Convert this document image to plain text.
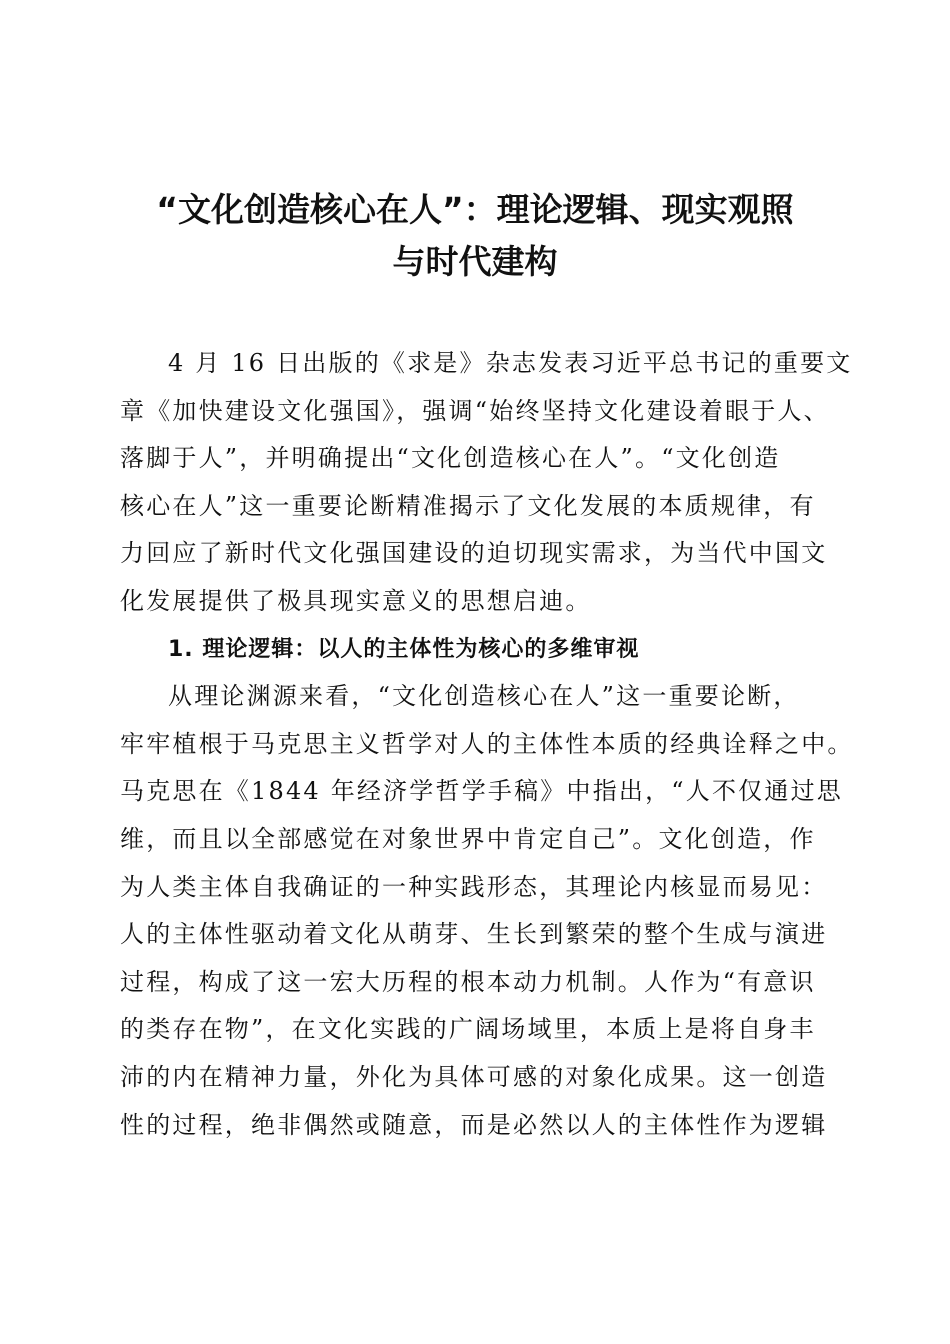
“文化创造核心在人”：理论逻辑、现实观照
与时代建构
4 月 16 日出版的《求是》杂志发表习近平总书记的重要文
章《加快建设文化强国》，强调“始终坚持文化建设着眼于人、
落脚于人”，并明确提出“文化创造核心在人”。“文化创造
核心在人”这一重要论断精准揭示了文化发展的本质规律，有
力回应了新时代文化强国建设的迫切现实需求，为当代中国文
化发展提供了极具现实意义的思想启迪。
1. 理论逻辑：以人的主体性为核心的多维审视
从理论渊源来看，“文化创造核心在人”这一重要论断，
牢牢植根于马克思主义哲学对人的主体性本质的经典诠释之中。
马克思在《1844 年经济学哲学手稿》中指出，“人不仅通过思
维，而且以全部感觉在对象世界中肯定自己”。文化创造，作
为人类主体自我确证的一种实践形态，其理论内核显而易见：
人的主体性驱动着文化从萌芽、生长到繁荣的整个生成与演进
过程，构成了这一宏大历程的根本动力机制。人作为“有意识
的类存在物”，在文化实践的广阔场域里，本质上是将自身丰
沛的内在精神力量，外化为具体可感的对象化成果。这一创造
性的过程，绝非偶然或随意，而是必然以人的主体性作为逻辑
